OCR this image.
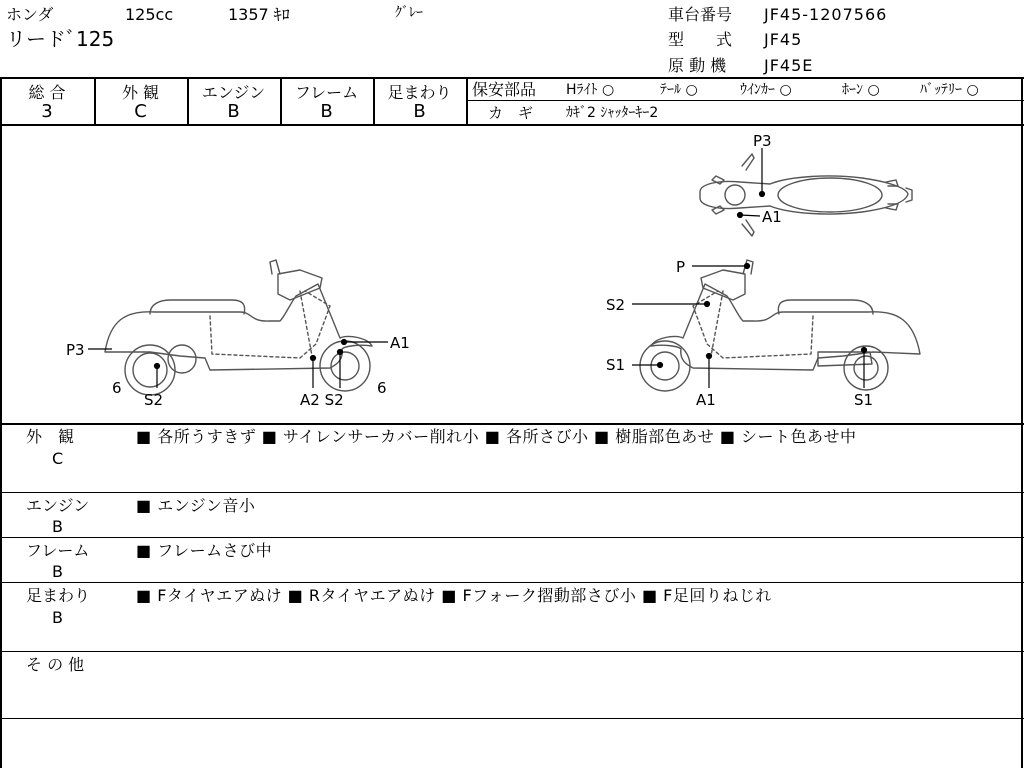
ホンダ	125cc	1357 ｷﾛ	ｸﾞﾚｰ
リードﾞ125
車台番号 JF45-1207566
型　　式 JF45
原 動 機 JF45E
総 合
3
外 観
C
エンジン
B
フレーム
B
足まわり
B
保安部品 Hﾗｲﾄ ○	ﾃｰﾙ ○	ｳｲﾝｶｰ ○	ﾎｰﾝ ○	ﾊﾞｯﾃﾘｰ ○
カ　ギ ｶｷﾞ2 ｼｬｯﾀｰｷｰ2
P3	A1
6
S2	A2 S2
6
P
S2
S1
A1	S1
P3
A1
外　観
C
■ 各所うすきず ■ サイレンサーカバー削れ小 ■ 各所さび小 ■ 樹脂部色あせ ■ シート色あせ中
エンジン
B
■ エンジン音小
フレーム
B
■ フレームさび中
足まわり
B
■ Fタイヤエアぬけ ■ Rタイヤエアぬけ ■ Fフォーク摺動部さび小 ■ F足回りねじれ
そ の 他
